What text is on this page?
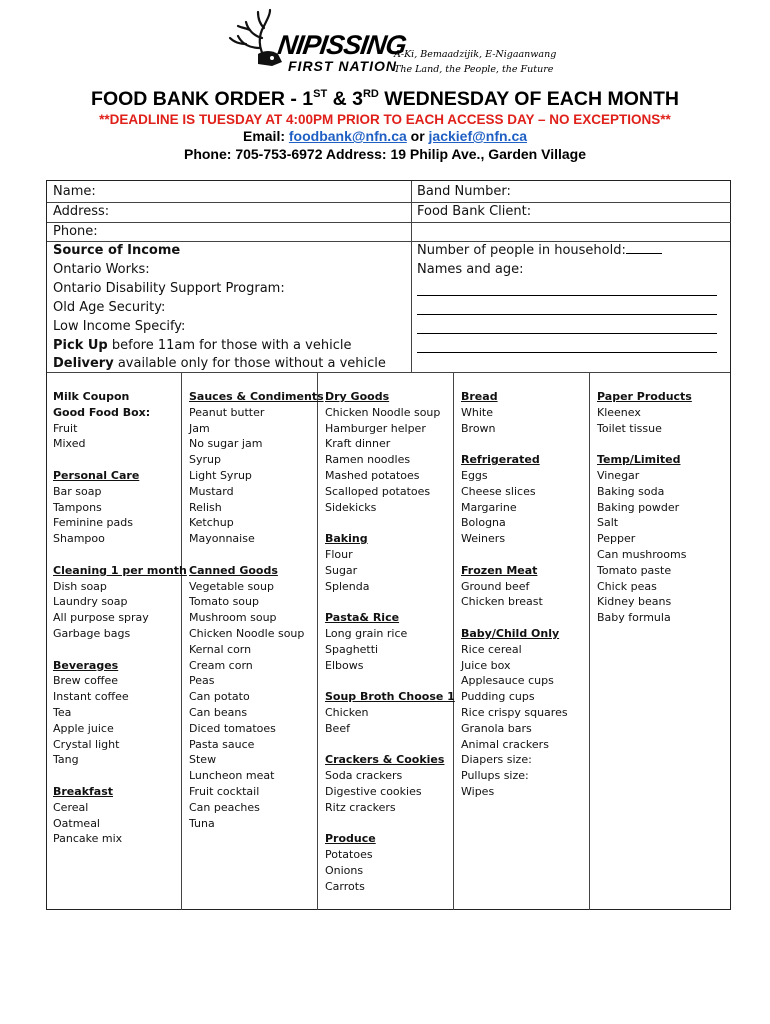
NIPISSING
FIRST NATION
A-Ki, Bemaadzijik, E-Nigaanwang
The Land, the People, the Future
FOOD BANK ORDER - 1ST & 3RD WEDNESDAY OF EACH MONTH
**DEADLINE IS TUESDAY AT 4:00PM PRIOR TO EACH ACCESS DAY – NO EXCEPTIONS**
Email: foodbank@nfn.ca or jackief@nfn.ca
Phone: 705-753-6972 Address: 19 Philip Ave., Garden Village
Name:
Address:
Phone:
Source of Income
Ontario Works:
Ontario Disability Support Program:
Old Age Security:
Low Income Specify:
Pick Up before 11am for those with a vehicle
Delivery available only for those without a vehicle
Band Number:
Food Bank Client:
Number of people in household:
Names and age:
Milk Coupon
Good Food Box:
Fruit
Mixed
Personal Care
Bar soap
Tampons
Feminine pads
Shampoo
Cleaning 1 per month
Dish soap
Laundry soap
All purpose spray
Garbage bags
Beverages
Brew coffee
Instant coffee
Tea
Apple juice
Crystal light
Tang
Breakfast
Cereal
Oatmeal
Pancake mix
Sauces & Condiments
Peanut butter
Jam
No sugar jam
Syrup
Light Syrup
Mustard
Relish
Ketchup
Mayonnaise
Canned Goods
Vegetable soup
Tomato soup
Mushroom soup
Chicken Noodle soup
Kernal corn
Cream corn
Peas
Can potato
Can beans
Diced tomatoes
Pasta sauce
Stew
Luncheon meat
Fruit cocktail
Can peaches
Tuna
Dry Goods
Chicken Noodle soup
Hamburger helper
Kraft dinner
Ramen noodles
Mashed potatoes
Scalloped potatoes
Sidekicks
Baking
Flour
Sugar
Splenda
Pasta& Rice
Long grain rice
Spaghetti
Elbows
Soup Broth Choose 1
Chicken
Beef
Crackers & Cookies
Soda crackers
Digestive cookies
Ritz crackers
Produce
Potatoes
Onions
Carrots
Bread
White
Brown
Refrigerated
Eggs
Cheese slices
Margarine
Bologna
Weiners
Frozen Meat
Ground beef
Chicken breast
Baby/Child Only
Rice cereal
Juice box
Applesauce cups
Pudding cups
Rice crispy squares
Granola bars
Animal crackers
Diapers size:
Pullups size:
Wipes
Paper Products
Kleenex
Toilet tissue
Temp/Limited
Vinegar
Baking soda
Baking powder
Salt
Pepper
Can mushrooms
Tomato paste
Chick peas
Kidney beans
Baby formula
